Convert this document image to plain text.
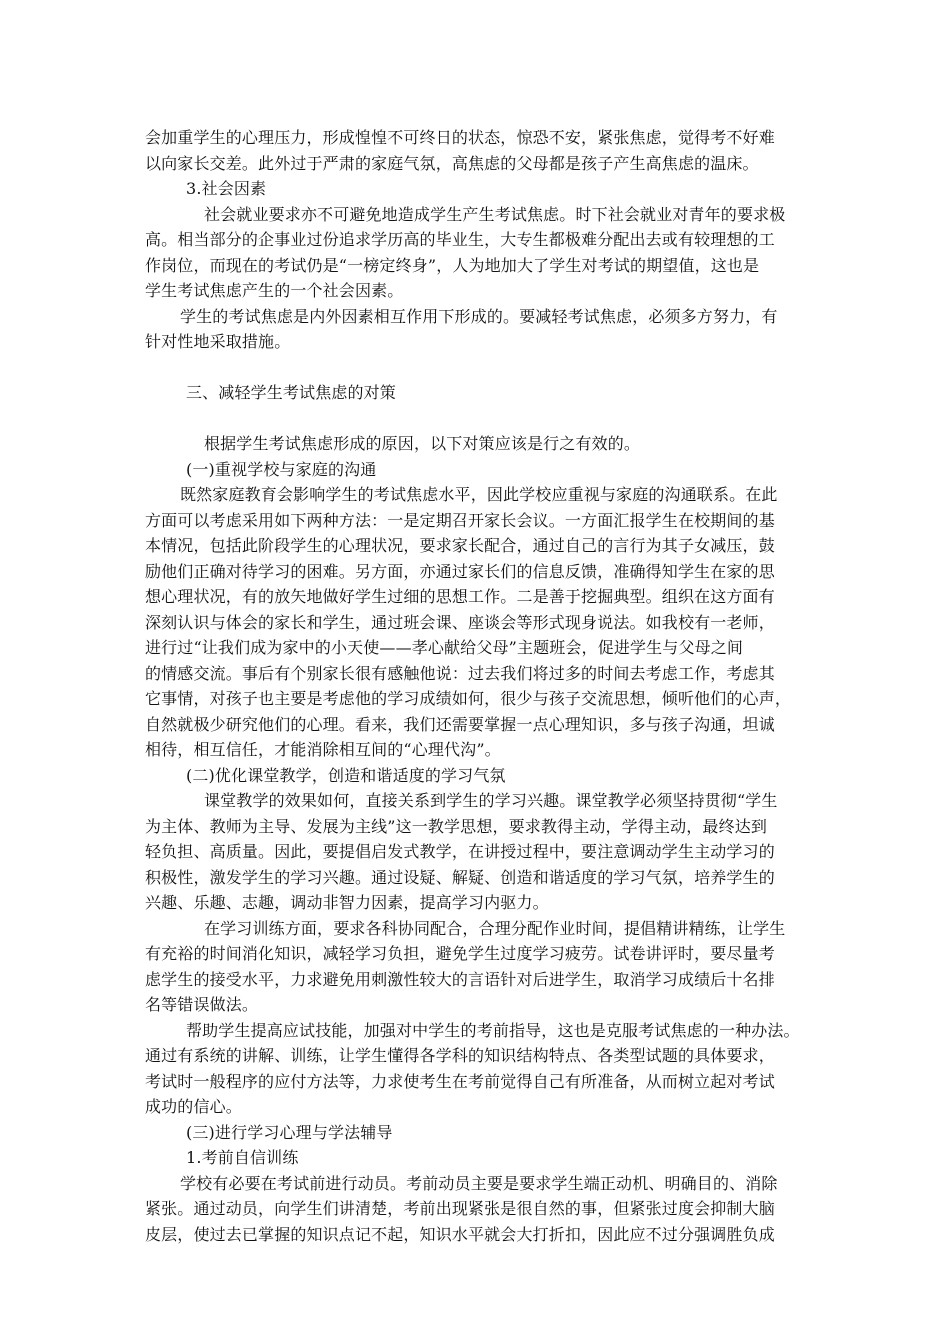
会加重学生的心理压力，形成惶惶不可终日的状态，惊恐不安，紧张焦虑，觉得考不好难
以向家长交差。此外过于严肃的家庭气氛，高焦虑的父母都是孩子产生高焦虑的温床。
3.社会因素
社会就业要求亦不可避免地造成学生产生考试焦虑。时下社会就业对青年的要求极
高。相当部分的企事业过份追求学历高的毕业生，大专生都极难分配出去或有较理想的工
作岗位，而现在的考试仍是“一榜定终身”，人为地加大了学生对考试的期望值，这也是
学生考试焦虑产生的一个社会因素。
学生的考试焦虑是内外因素相互作用下形成的。要减轻考试焦虑，必须多方努力，有
针对性地采取措施。
三、减轻学生考试焦虑的对策
根据学生考试焦虑形成的原因，以下对策应该是行之有效的。
(一)重视学校与家庭的沟通
既然家庭教育会影响学生的考试焦虑水平，因此学校应重视与家庭的沟通联系。在此
方面可以考虑采用如下两种方法：一是定期召开家长会议。一方面汇报学生在校期间的基
本情况，包括此阶段学生的心理状况，要求家长配合，通过自己的言行为其子女减压，鼓
励他们正确对待学习的困难。另方面，亦通过家长们的信息反馈，准确得知学生在家的思
想心理状况，有的放矢地做好学生过细的思想工作。二是善于挖掘典型。组织在这方面有
深刻认识与体会的家长和学生，通过班会课、座谈会等形式现身说法。如我校有一老师，
进行过“让我们成为家中的小天使——孝心献给父母”主题班会，促进学生与父母之间
的情感交流。事后有个别家长很有感触他说：过去我们将过多的时间去考虑工作，考虑其
它事情，对孩子也主要是考虑他的学习成绩如何，很少与孩子交流思想，倾听他们的心声，
自然就极少研究他们的心理。看来，我们还需要掌握一点心理知识，多与孩子沟通，坦诚
相待，相互信任，才能消除相互间的“心理代沟”。
(二)优化课堂教学，创造和谐适度的学习气氛
课堂教学的效果如何，直接关系到学生的学习兴趣。课堂教学必须坚持贯彻“学生
为主体、教师为主导、发展为主线”这一教学思想，要求教得主动，学得主动，最终达到
轻负担、高质量。因此，要提倡启发式教学，在讲授过程中，要注意调动学生主动学习的
积极性，激发学生的学习兴趣。通过设疑、解疑、创造和谐适度的学习气氛，培养学生的
兴趣、乐趣、志趣，调动非智力因素，提高学习内驱力。
在学习训练方面，要求各科协同配合，合理分配作业时间，提倡精讲精练，让学生
有充裕的时间消化知识，减轻学习负担，避免学生过度学习疲劳。试卷讲评时，要尽量考
虑学生的接受水平，力求避免用刺激性较大的言语针对后进学生，取消学习成绩后十名排
名等错误做法。
帮助学生提高应试技能，加强对中学生的考前指导，这也是克服考试焦虑的一种办法。
通过有系统的讲解、训练，让学生懂得各学科的知识结构特点、各类型试题的具体要求，
考试时一般程序的应付方法等，力求使考生在考前觉得自己有所准备，从而树立起对考试
成功的信心。
(三)进行学习心理与学法辅导
1.考前自信训练
学校有必要在考试前进行动员。考前动员主要是要求学生端正动机、明确目的、消除
紧张。通过动员，向学生们讲清楚，考前出现紧张是很自然的事，但紧张过度会抑制大脑
皮层，使过去已掌握的知识点记不起，知识水平就会大打折扣，因此应不过分强调胜负成
